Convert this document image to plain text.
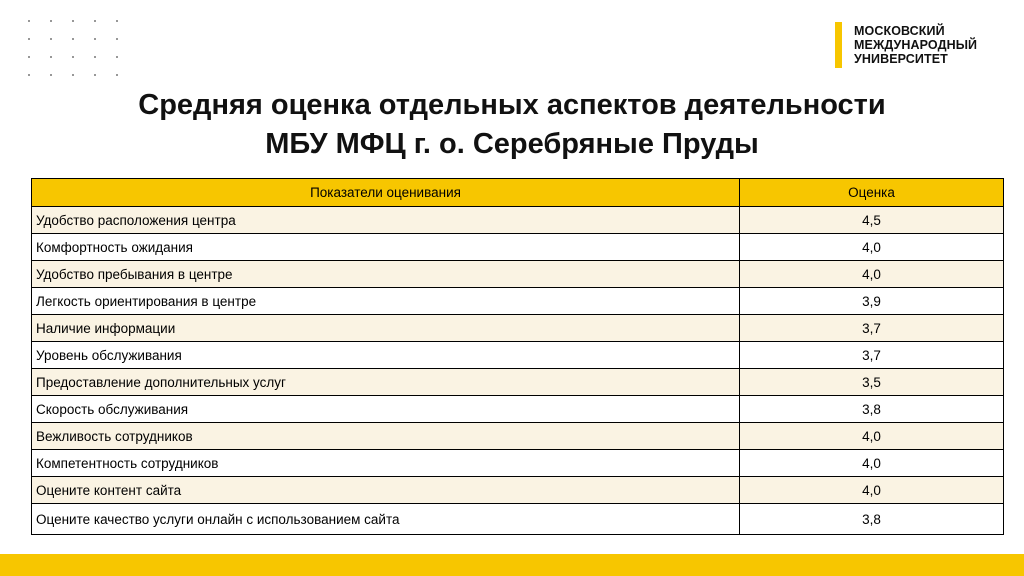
МОСКОВСКИЙ
МЕЖДУНАРОДНЫЙ
УНИВЕРСИТЕТ
Средняя оценка отдельных аспектов деятельности
МБУ МФЦ г. о. Серебряные Пруды
Показатели оценивания	Оценка
Удобство расположения центра	4,5
Комфортность ожидания	4,0
Удобство пребывания в центре	4,0
Легкость ориентирования в центре	3,9
Наличие информации	3,7
Уровень обслуживания	3,7
Предоставление дополнительных услуг	3,5
Скорость обслуживания	3,8
Вежливость сотрудников	4,0
Компетентность сотрудников	4,0
Оцените контент сайта	4,0
Оцените качество услуги онлайн с использованием сайта	3,8
